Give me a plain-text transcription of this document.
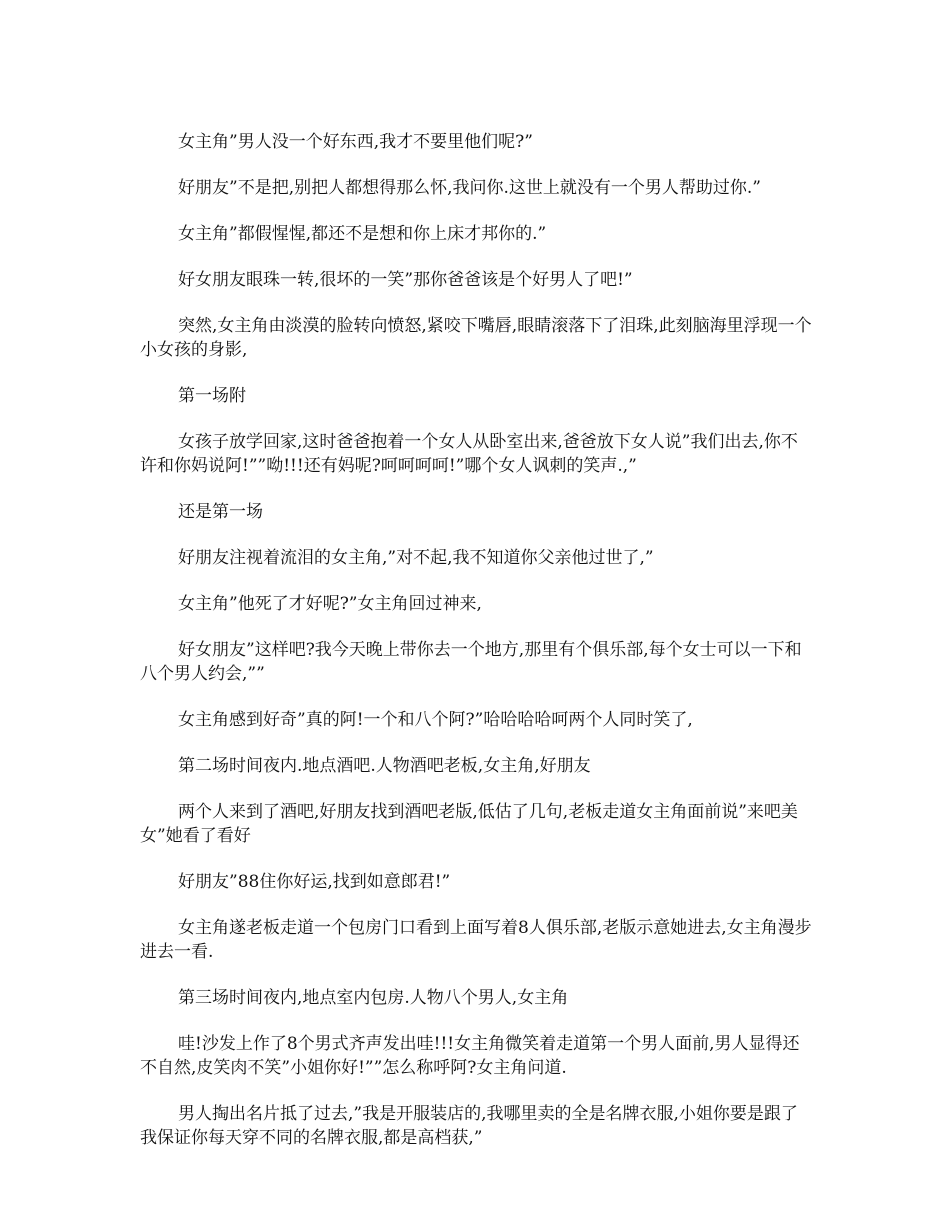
女主角”男人没一个好东西,我才不要里他们呢?”

好朋友”不是把,别把人都想得那么怀,我问你.这世上就没有一个男人帮助过你.”

女主角”都假惺惺,都还不是想和你上床才邦你的.”

好女朋友眼珠一转,很坏的一笑”那你爸爸该是个好男人了吧!”

突然,女主角由淡漠的脸转向愤怒,紧咬下嘴唇,眼睛滚落下了泪珠,此刻脑海里浮现一个小女孩的身影,

第一场附

女孩子放学回家,这时爸爸抱着一个女人从卧室出来,爸爸放下女人说”我们出去,你不许和你妈说阿!””呦!!!还有妈呢?呵呵呵呵!”哪个女人讽刺的笑声.,”

还是第一场

好朋友注视着流泪的女主角,”对不起,我不知道你父亲他过世了,”

女主角”他死了才好呢?”女主角回过神来,

好女朋友”这样吧?我今天晚上带你去一个地方,那里有个俱乐部,每个女士可以一下和八个男人约会,””

女主角感到好奇”真的阿!一个和八个阿?”哈哈哈哈呵两个人同时笑了,

第二场时间夜内.地点酒吧.人物酒吧老板,女主角,好朋友

两个人来到了酒吧,好朋友找到酒吧老版,低估了几句,老板走道女主角面前说”来吧美女”她看了看好

好朋友”88住你好运,找到如意郎君!”

女主角遂老板走道一个包房门口看到上面写着8人俱乐部,老版示意她进去,女主角漫步进去一看.

第三场时间夜内,地点室内包房.人物八个男人,女主角

哇!沙发上作了8个男式齐声发出哇!!!女主角微笑着走道第一个男人面前,男人显得还不自然,皮笑肉不笑”小姐你好!””怎么称呼阿?女主角问道.

男人掏出名片抵了过去,”我是开服装店的,我哪里卖的全是名牌衣服,小姐你要是跟了我保证你每天穿不同的名牌衣服,都是高档获,”
